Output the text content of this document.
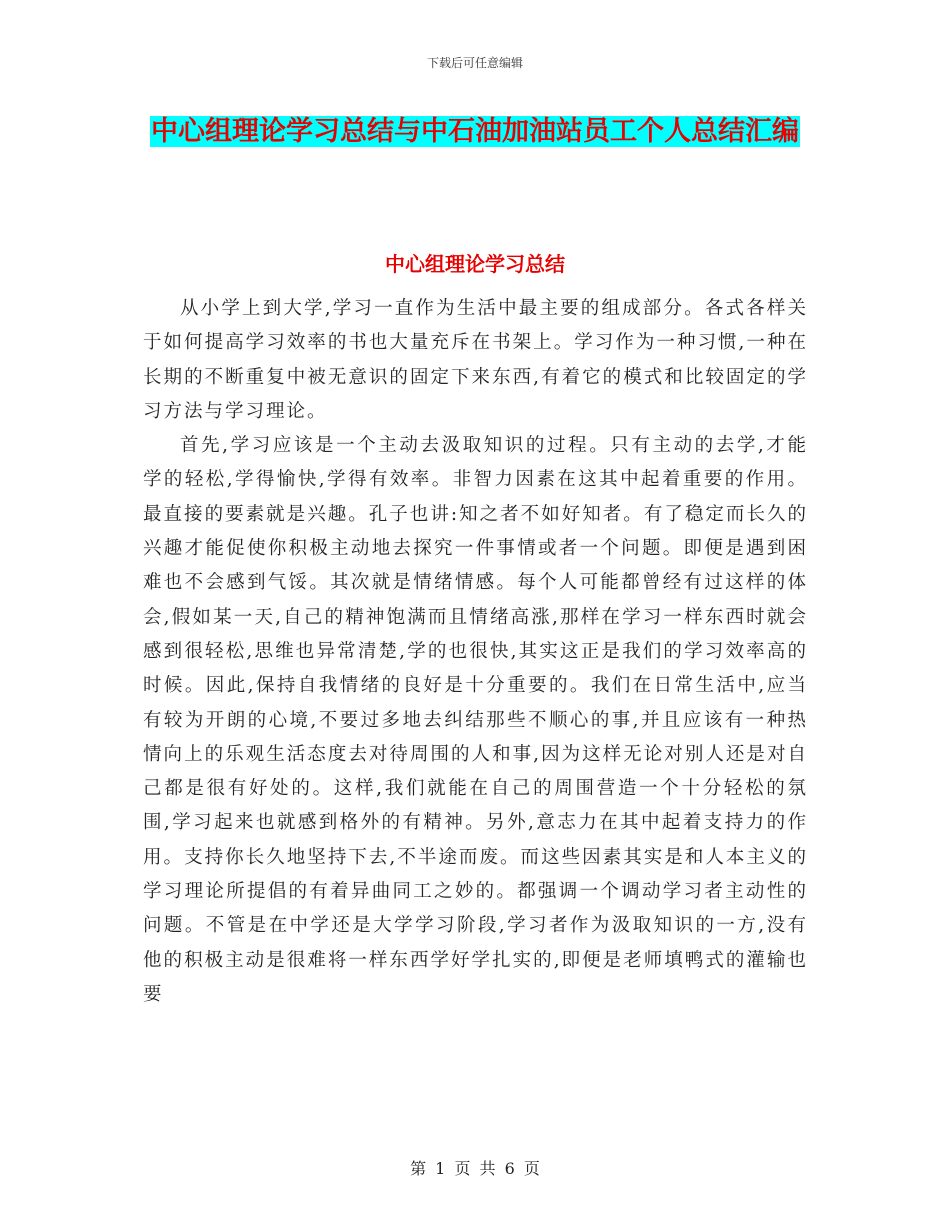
下载后可任意编辑
中心组理论学习总结与中石油加油站员工个人总结汇编
中心组理论学习总结

从小学上到大学,学习一直作为生活中最主要的组成部分。各式各样关于如何提高学习效率的书也大量充斥在书架上。学习作为一种习惯,一种在长期的不断重复中被无意识的固定下来东西,有着它的模式和比较固定的学习方法与学习理论。

首先,学习应该是一个主动去汲取知识的过程。只有主动的去学,才能学的轻松,学得愉快,学得有效率。非智力因素在这其中起着重要的作用。最直接的要素就是兴趣。孔子也讲:知之者不如好知者。有了稳定而长久的兴趣才能促使你积极主动地去探究一件事情或者一个问题。即便是遇到困难也不会感到气馁。其次就是情绪情感。每个人可能都曾经有过这样的体会,假如某一天,自己的精神饱满而且情绪高涨,那样在学习一样东西时就会感到很轻松,思维也异常清楚,学的也很快,其实这正是我们的学习效率高的时候。因此,保持自我情绪的良好是十分重要的。我们在日常生活中,应当有较为开朗的心境,不要过多地去纠结那些不顺心的事,并且应该有一种热情向上的乐观生活态度去对待周围的人和事,因为这样无论对别人还是对自己都是很有好处的。这样,我们就能在自己的周围营造一个十分轻松的氛围,学习起来也就感到格外的有精神。另外,意志力在其中起着支持力的作用。支持你长久地坚持下去,不半途而废。而这些因素其实是和人本主义的学习理论所提倡的有着异曲同工之妙的。都强调一个调动学习者主动性的问题。不管是在中学还是大学学习阶段,学习者作为汲取知识的一方,没有他的积极主动是很难将一样东西学好学扎实的,即便是老师填鸭式的灌输也要

第 1 页 共 6 页
